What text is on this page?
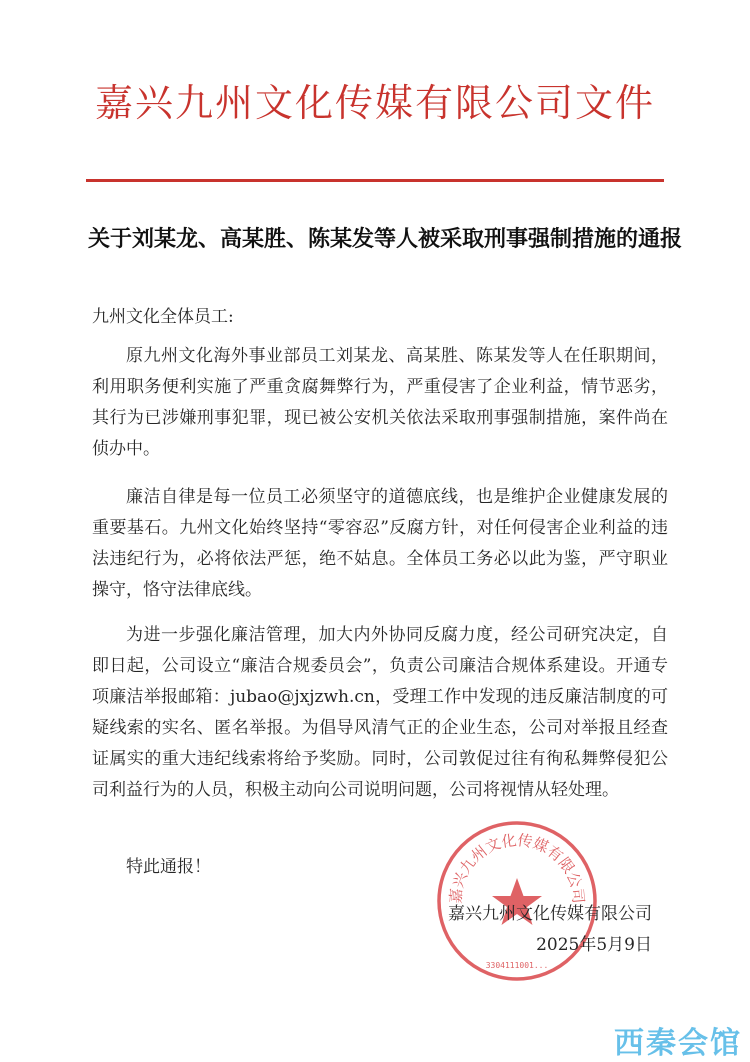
嘉兴九州文化传媒有限公司文件
关于刘某龙、高某胜、陈某发等人被采取刑事强制措施的通报
九州文化全体员工:

原九州文化海外事业部员工刘某龙、高某胜、陈某发等人在任职期间，利用职务便利实施了严重贪腐舞弊行为，严重侵害了企业利益，情节恶劣，其行为已涉嫌刑事犯罪，现已被公安机关依法采取刑事强制措施，案件尚在侦办中。

廉洁自律是每一位员工必须坚守的道德底线，也是维护企业健康发展的重要基石。九州文化始终坚持“零容忍”反腐方针，对任何侵害企业利益的违法违纪行为，必将依法严惩，绝不姑息。全体员工务必以此为鉴，严守职业操守，恪守法律底线。

为进一步强化廉洁管理，加大内外协同反腐力度，经公司研究决定，自即日起，公司设立“廉洁合规委员会”，负责公司廉洁合规体系建设。开通专项廉洁举报邮箱：jubao@jxjzwh.cn，受理工作中发现的违反廉洁制度的可疑线索的实名、匿名举报。为倡导风清气正的企业生态，公司对举报且经查证属实的重大违纪线索将给予奖励。同时，公司敦促过往有徇私舞弊侵犯公司利益行为的人员，积极主动向公司说明问题，公司将视情从轻处理。

特此通报！
嘉兴九州文化传媒有限公司
3304111001...
嘉兴九州文化传媒有限公司
2025年5月9日
西秦会馆
